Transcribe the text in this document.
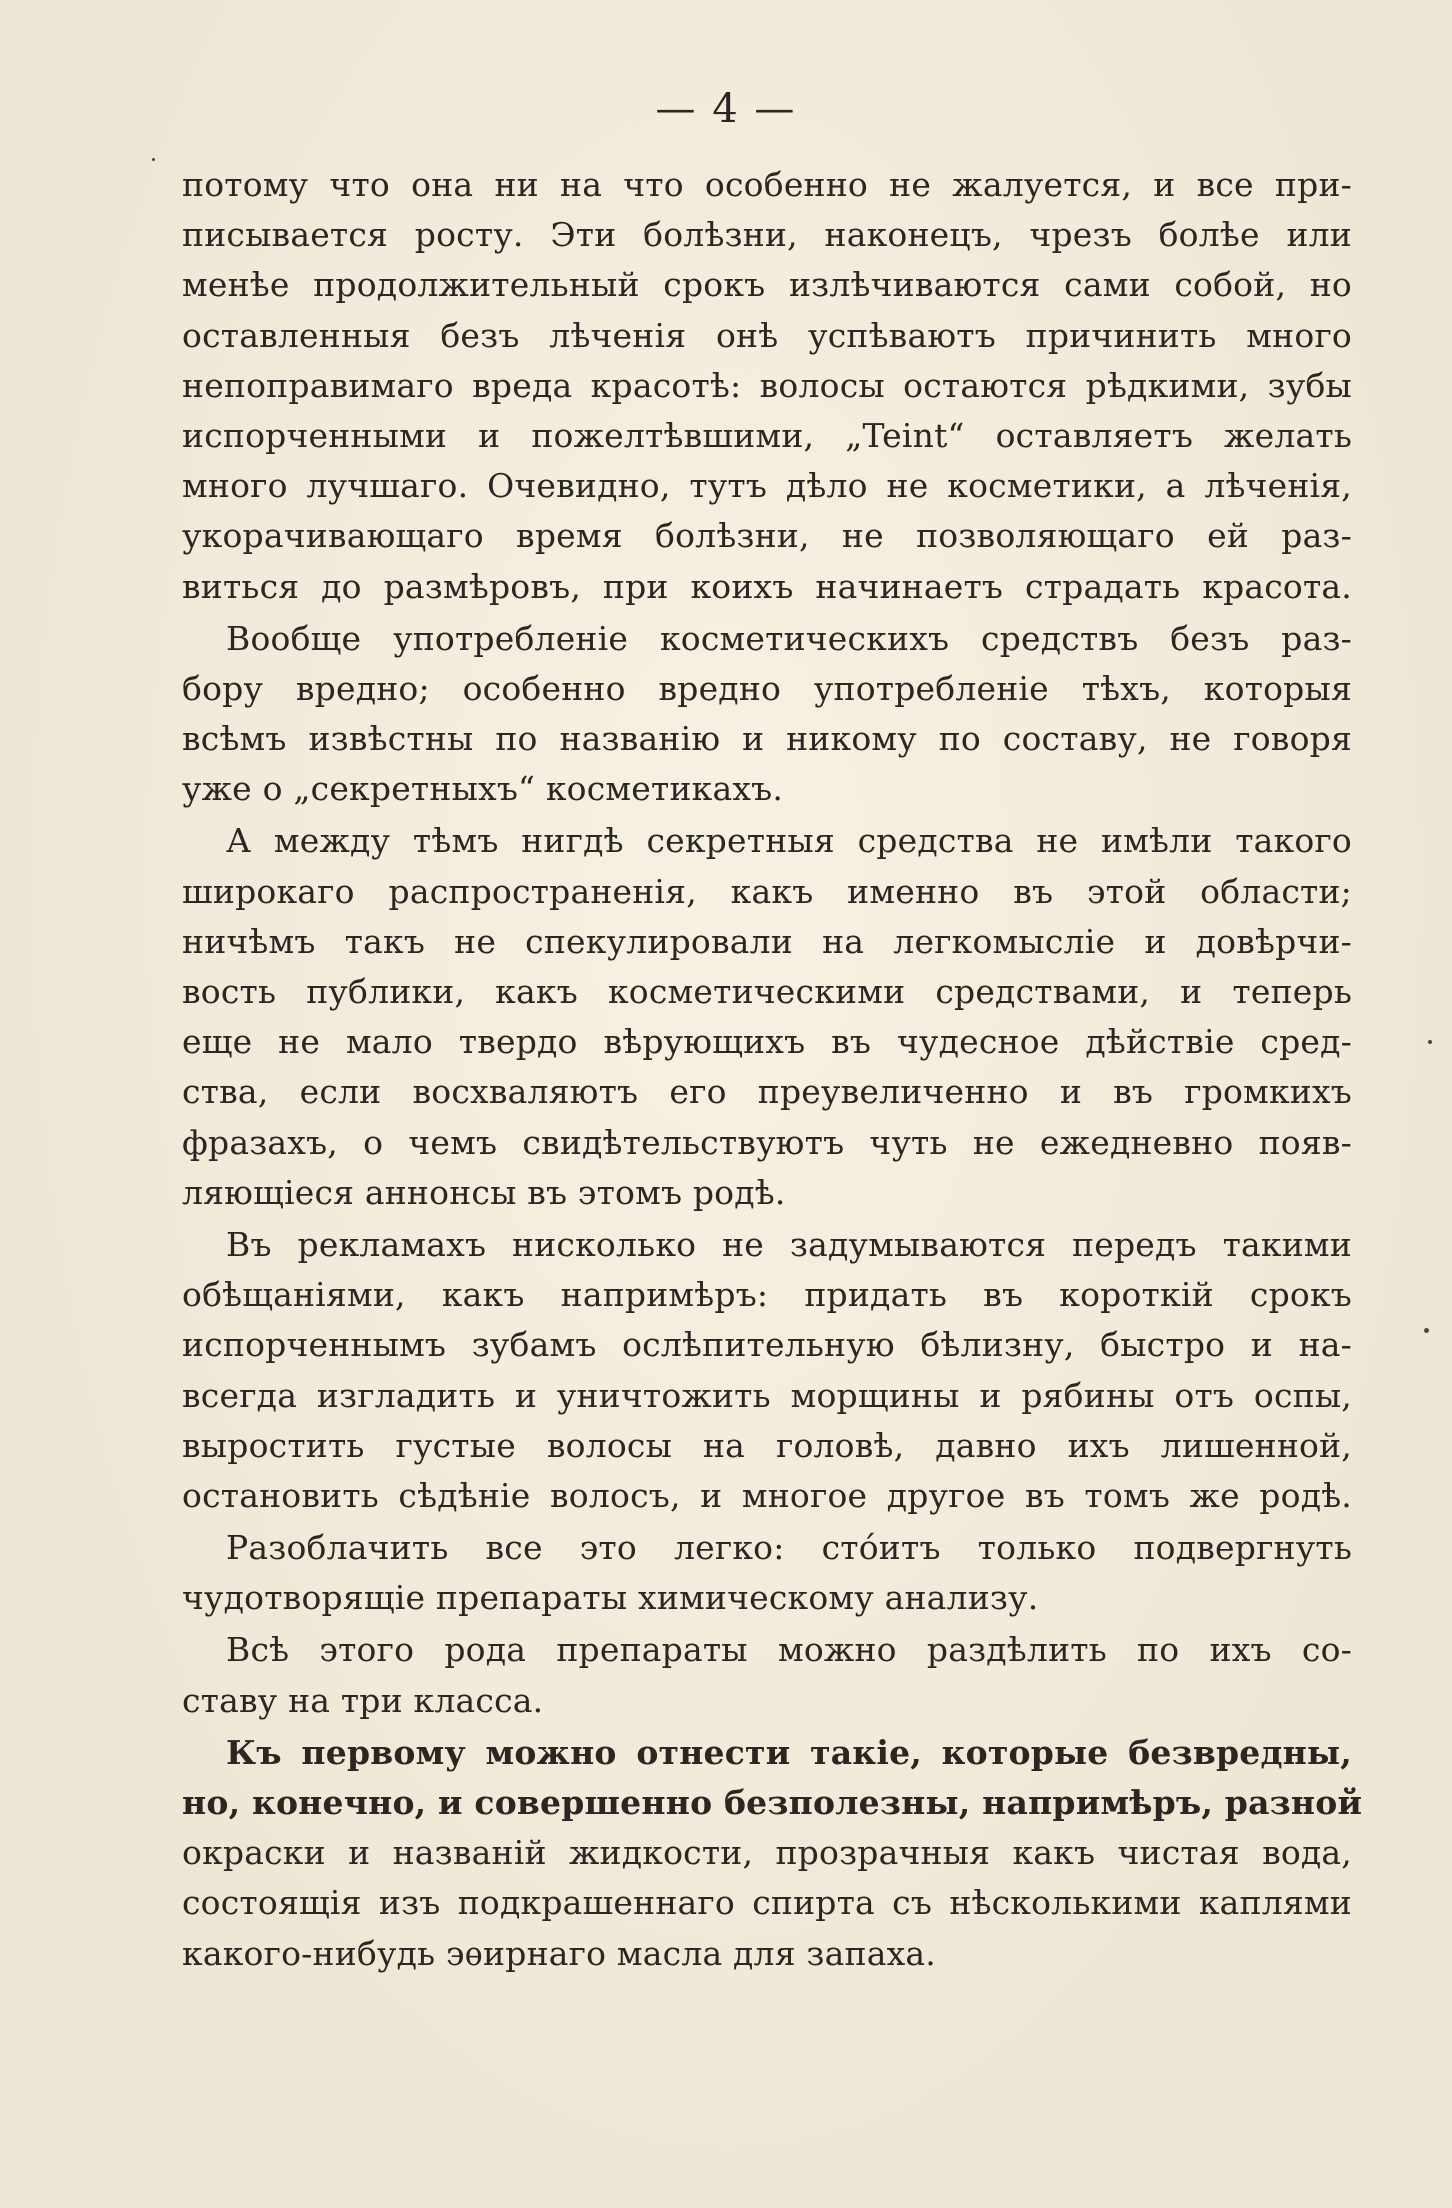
— 4 —
потому что она ни на что особенно не жалуется, и все при-
писывается росту. Эти болѣзни, наконецъ, чрезъ болѣе или
менѣе продолжительный срокъ излѣчиваются сами собой, но
оставленныя безъ лѣченія онѣ успѣваютъ причинить много
непоправимаго вреда красотѣ: волосы остаются рѣдкими, зубы
испорченными и пожелтѣвшими, „Teint“ оставляетъ желать
много лучшаго. Очевидно, тутъ дѣло не косметики, а лѣченія,
укорачивающаго время болѣзни, не позволяющаго ей раз-
виться до размѣровъ, при коихъ начинаетъ страдать красота.
Вообще употребленіе косметическихъ средствъ безъ раз-
бору вредно; особенно вредно употребленіе тѣхъ, которыя
всѣмъ извѣстны по названію и никому по составу, не говоря
уже о „секретныхъ“ косметикахъ.
А между тѣмъ нигдѣ секретныя средства не имѣли такого
широкаго распространенія, какъ именно въ этой области;
ничѣмъ такъ не спекулировали на легкомысліе и довѣрчи-
вость публики, какъ косметическими средствами, и теперь
еще не мало твердо вѣрующихъ въ чудесное дѣйствіе сред-
ства, если восхваляютъ его преувеличенно и въ громкихъ
фразахъ, о чемъ свидѣтельствуютъ чуть не ежедневно появ-
ляющіеся аннонсы въ этомъ родѣ.
Въ рекламахъ нисколько не задумываются передъ такими
обѣщаніями, какъ напримѣръ: придать въ короткій срокъ
испорченнымъ зубамъ ослѣпительную бѣлизну, быстро и на-
всегда изгладить и уничтожить морщины и рябины отъ оспы,
выростить густые волосы на головѣ, давно ихъ лишенной,
остановить сѣдѣніе волосъ, и многое другое въ томъ же родѣ.
Разоблачить все это легко: стóитъ только подвергнуть
чудотворящіе препараты химическому анализу.
Всѣ этого рода препараты можно раздѣлить по ихъ со-
ставу на три класса.
Къ первому можно отнести такіе, которые безвредны,
но, конечно, и совершенно безполезны, напримѣръ, разной
окраски и названій жидкости, прозрачныя какъ чистая вода,
состоящія изъ подкрашеннаго спирта съ нѣсколькими каплями
какого-нибудь эѳирнаго масла для запаха.
